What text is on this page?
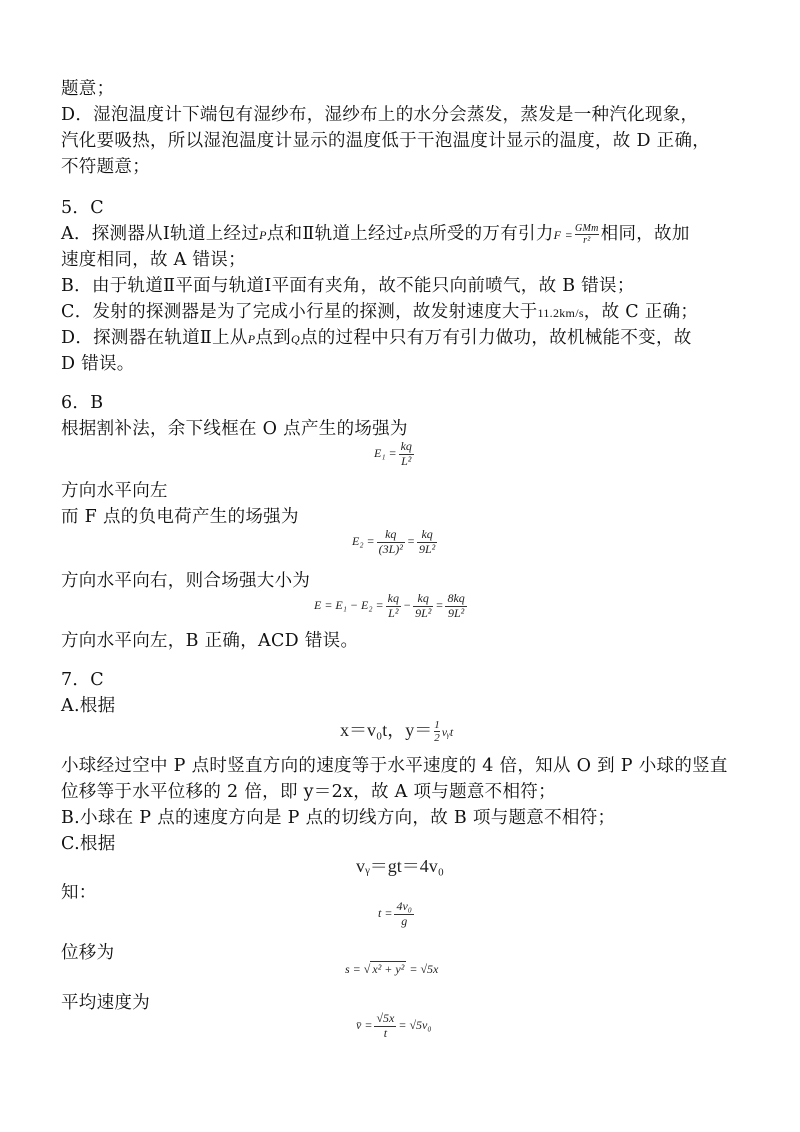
题意；
D．湿泡温度计下端包有湿纱布，湿纱布上的水分会蒸发，蒸发是一种汽化现象，
汽化要吸热，所以湿泡温度计显示的温度低于干泡温度计显示的温度，故 D 正确，
不符题意；
5．C
A．探测器从Ⅰ轨道上经过P点和Ⅱ轨道上经过P点所受的万有引力$F = \frac{\text{GMm}}{\text{r²}}$ 相同，故加
速度相同，故 A 错误；
B．由于轨道Ⅱ平面与轨道Ⅰ平面有夹角，故不能只向前喷气，故 B 错误；
C．发射的探测器是为了完成小行星的探测，故发射速度大于11.2km/s，故 C 正确；
D．探测器在轨道Ⅱ上从P点到Q点的过程中只有万有引力做功，故机械能不变，故
D 错误。
6．B
根据割补法，余下线框在 O 点产生的场强为
$E_1 = \frac{kq}{\text{L²}}$
方向水平向左
而 F 点的负电荷产生的场强为
$E_2 = \frac{kq}{\text{(3L)²}} = \frac{kq}{\text{9L²}}$
方向水平向右，则合场强大小为
$E = E_1 - E_2 = \frac{kq}{\text{L²}} - \frac{kq}{\text{9L²}} = \frac{8kq}{\text{9L²}}$
方向水平向左，B 正确，ACD 错误。
7．C
A.根据
x＝v₀t，$y= \frac{1}{2}$ vᵧt
小球经过空中 P 点时竖直方向的速度等于水平速度的 4 倍，知从 O 到 P 小球的竖直
位移等于水平位移的 2 倍，即 y＝2x，故 A 项与题意不相符；
B.小球在 P 点的速度方向是 P 点的切线方向，故 B 项与题意不相符；
C.根据
vᵧ＝gt＝4v₀
知：
$t = \frac{\text{4v₀}}{g}$
位移为
s = √ x² + y² = √5x
平均速度为
v̄ = $\frac{√5x}{t} = √5v_0$
